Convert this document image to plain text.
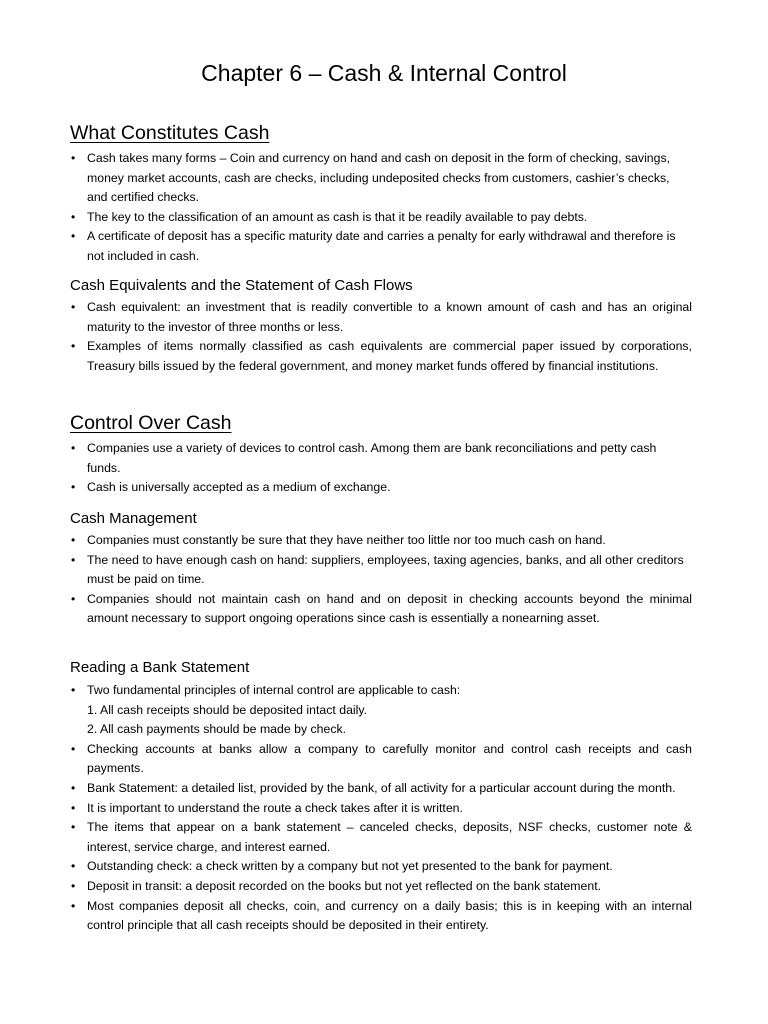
Chapter 6 – Cash & Internal Control
What Constitutes Cash
• Cash takes many forms – Coin and currency on hand and cash on deposit in the form of checking, savings, money market accounts, cash are checks, including undeposited checks from customers, cashier’s checks, and certified checks.
• The key to the classification of an amount as cash is that it be readily available to pay debts.
• A certificate of deposit has a specific maturity date and carries a penalty for early withdrawal and therefore is not included in cash.
Cash Equivalents and the Statement of Cash Flows
• Cash equivalent: an investment that is readily convertible to a known amount of cash and has an original maturity to the investor of three months or less.
• Examples of items normally classified as cash equivalents are commercial paper issued by corporations, Treasury bills issued by the federal government, and money market funds offered by financial institutions.
Control Over Cash
• Companies use a variety of devices to control cash. Among them are bank reconciliations and petty cash funds.
• Cash is universally accepted as a medium of exchange.
Cash Management
• Companies must constantly be sure that they have neither too little nor too much cash on hand.
• The need to have enough cash on hand: suppliers, employees, taxing agencies, banks, and all other creditors must be paid on time.
• Companies should not maintain cash on hand and on deposit in checking accounts beyond the minimal amount necessary to support ongoing operations since cash is essentially a nonearning asset.
Reading a Bank Statement
• Two fundamental principles of internal control are applicable to cash:
1. All cash receipts should be deposited intact daily.
2. All cash payments should be made by check.
• Checking accounts at banks allow a company to carefully monitor and control cash receipts and cash payments.
• Bank Statement: a detailed list, provided by the bank, of all activity for a particular account during the month.
• It is important to understand the route a check takes after it is written.
• The items that appear on a bank statement – canceled checks, deposits, NSF checks, customer note & interest, service charge, and interest earned.
• Outstanding check: a check written by a company but not yet presented to the bank for payment.
• Deposit in transit: a deposit recorded on the books but not yet reflected on the bank statement.
• Most companies deposit all checks, coin, and currency on a daily basis; this is in keeping with an internal control principle that all cash receipts should be deposited in their entirety.
